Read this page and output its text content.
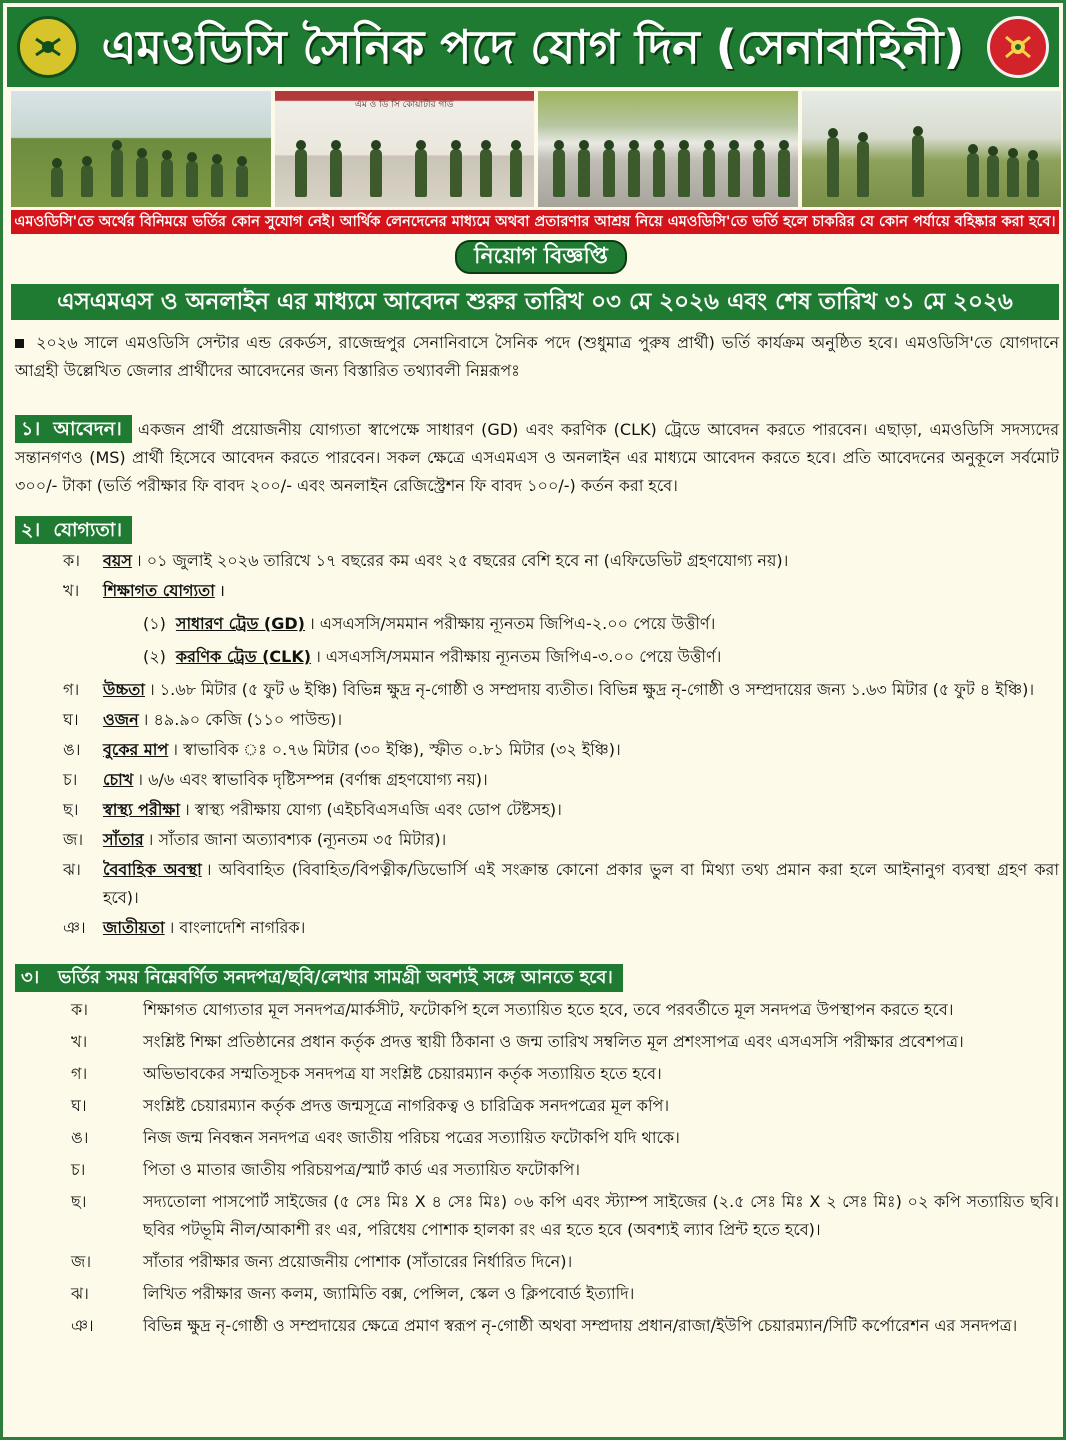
এমওডিসি সৈনিক পদে যোগ দিন (সেনাবাহিনী)
এম ও ডি সি কোয়ার্টার গার্ড
এমওডিসি'তে অর্থের বিনিময়ে ভর্তির কোন সুযোগ নেই। আর্থিক লেনদেনের মাধ্যমে অথবা প্রতারণার আশ্রয় নিয়ে এমওডিসি'তে ভর্তি হলে চাকরির যে কোন পর্যায়ে বহিষ্কার করা হবে।
নিয়োগ বিজ্ঞপ্তি
এসএমএস ও অনলাইন এর মাধ্যমে আবেদন শুরুর তারিখ ০৩ মে ২০২৬ এবং শেষ তারিখ ৩১ মে ২০২৬

২০২৬ সালে এমওডিসি সেন্টার এন্ড রেকর্ডস, রাজেন্দ্রপুর সেনানিবাসে সৈনিক পদে (শুধুমাত্র পুরুষ প্রার্থী) ভর্তি কার্যক্রম অনুষ্ঠিত হবে। এমওডিসি'তে যোগদানে আগ্রহী উল্লেখিত জেলার প্রার্থীদের আবেদনের জন্য বিস্তারিত তথ্যাবলী নিম্নরূপঃ

১। আবেদন। একজন প্রার্থী প্রয়োজনীয় যোগ্যতা স্বাপেক্ষে সাধারণ (GD) এবং করণিক (CLK) ট্রেডে আবেদন করতে পারবেন। এছাড়া, এমওডিসি সদস্যদের সন্তানগণও (MS) প্রার্থী হিসেবে আবেদন করতে পারবেন। সকল ক্ষেত্রে এসএমএস ও অনলাইন এর মাধ্যমে আবেদন করতে হবে। প্রতি আবেদনের অনুকূলে সর্বমোট ৩০০/- টাকা (ভর্তি পরীক্ষার ফি বাবদ ২০০/- এবং অনলাইন রেজিস্ট্রেশন ফি বাবদ ১০০/-) কর্তন করা হবে।

২। যোগ্যতা।
ক।	বয়স । ০১ জুলাই ২০২৬ তারিখে ১৭ বছরের কম এবং ২৫ বছরের বেশি হবে না (এফিডেভিট গ্রহণযোগ্য নয়)।
খ।	শিক্ষাগত যোগ্যতা ।
(১) সাধারণ ট্রেড (GD) । এসএসসি/সমমান পরীক্ষায় ন্যূনতম জিপিএ-২.০০ পেয়ে উত্তীর্ণ।
(২) করণিক ট্রেড (CLK) । এসএসসি/সমমান পরীক্ষায় ন্যূনতম জিপিএ-৩.০০ পেয়ে উত্তীর্ণ।
গ।	উচ্চতা । ১.৬৮ মিটার (৫ ফুট ৬ ইঞ্চি) বিভিন্ন ক্ষুদ্র নৃ-গোষ্ঠী ও সম্প্রদায় ব্যতীত। বিভিন্ন ক্ষুদ্র নৃ-গোষ্ঠী ও সম্প্রদায়ের জন্য ১.৬৩ মিটার (৫ ফুট ৪ ইঞ্চি)।
ঘ।	ওজন । ৪৯.৯০ কেজি (১১০ পাউন্ড)।
ঙ।	বুকের মাপ । স্বাভাবিক ঃ ০.৭৬ মিটার (৩০ ইঞ্চি), স্ফীত ০.৮১ মিটার (৩২ ইঞ্চি)।
চ।	চোখ । ৬/৬ এবং স্বাভাবিক দৃষ্টিসম্পন্ন (বর্ণান্ধ গ্রহণযোগ্য নয়)।
ছ।	স্বাস্থ্য পরীক্ষা । স্বাস্থ্য পরীক্ষায় যোগ্য (এইচবিএসএজি এবং ডোপ টেষ্টসহ)।
জ।	সাঁতার । সাঁতার জানা অত্যাবশ্যক (ন্যূনতম ৩৫ মিটার)।
ঝ।	বৈবাহিক অবস্থা । অবিবাহিত (বিবাহিত/বিপত্নীক/ডিভোর্সি এই সংক্রান্ত কোনো প্রকার ভুল বা মিথ্যা তথ্য প্রমান করা হলে আইনানুগ ব্যবস্থা গ্রহণ করা হবে)।
ঞ।	জাতীয়তা । বাংলাদেশি নাগরিক।
৩। ভর্তির সময় নিম্নেবর্ণিত সনদপত্র/ছবি/লেখার সামগ্রী অবশ্যই সঙ্গে আনতে হবে।
ক।	শিক্ষাগত যোগ্যতার মূল সনদপত্র/মার্কসীট, ফটোকপি হলে সত্যায়িত হতে হবে, তবে পরবর্তীতে মূল সনদপত্র উপস্থাপন করতে হবে।
খ।	সংশ্লিষ্ট শিক্ষা প্রতিষ্ঠানের প্রধান কর্তৃক প্রদত্ত স্থায়ী ঠিকানা ও জন্ম তারিখ সম্বলিত মূল প্রশংসাপত্র এবং এসএসসি পরীক্ষার প্রবেশপত্র।
গ।	অভিভাবকের সম্মতিসূচক সনদপত্র যা সংশ্লিষ্ট চেয়ারম্যান কর্তৃক সত্যায়িত হতে হবে।
ঘ।	সংশ্লিষ্ট চেয়ারম্যান কর্তৃক প্রদত্ত জন্মসূত্রে নাগরিকত্ব ও চারিত্রিক সনদপত্রের মূল কপি।
ঙ।	নিজ জন্ম নিবন্ধন সনদপত্র এবং জাতীয় পরিচয় পত্রের সত্যায়িত ফটোকপি যদি থাকে।
চ।	পিতা ও মাতার জাতীয় পরিচয়পত্র/স্মার্ট কার্ড এর সত্যায়িত ফটোকপি।
ছ।	সদ্যতোলা পাসপোর্ট সাইজের (৫ সেঃ মিঃ X ৪ সেঃ মিঃ) ০৬ কপি এবং স্ট্যাম্প সাইজের (২.৫ সেঃ মিঃ X ২ সেঃ মিঃ) ০২ কপি সত্যায়িত ছবি। ছবির পটভূমি নীল/আকাশী রং এর, পরিধেয় পোশাক হালকা রং এর হতে হবে (অবশ্যই ল্যাব প্রিন্ট হতে হবে)।
জ।	সাঁতার পরীক্ষার জন্য প্রয়োজনীয় পোশাক (সাঁতারের নির্ধারিত দিনে)।
ঝ।	লিখিত পরীক্ষার জন্য কলম, জ্যামিতি বক্স, পেন্সিল, স্কেল ও ক্লিপবোর্ড ইত্যাদি।
ঞ।	বিভিন্ন ক্ষুদ্র নৃ-গোষ্ঠী ও সম্প্রদায়ের ক্ষেত্রে প্রমাণ স্বরূপ নৃ-গোষ্ঠী অথবা সম্প্রদায় প্রধান/রাজা/ইউপি চেয়ারম্যান/সিটি কর্পোরেশন এর সনদপত্র।
